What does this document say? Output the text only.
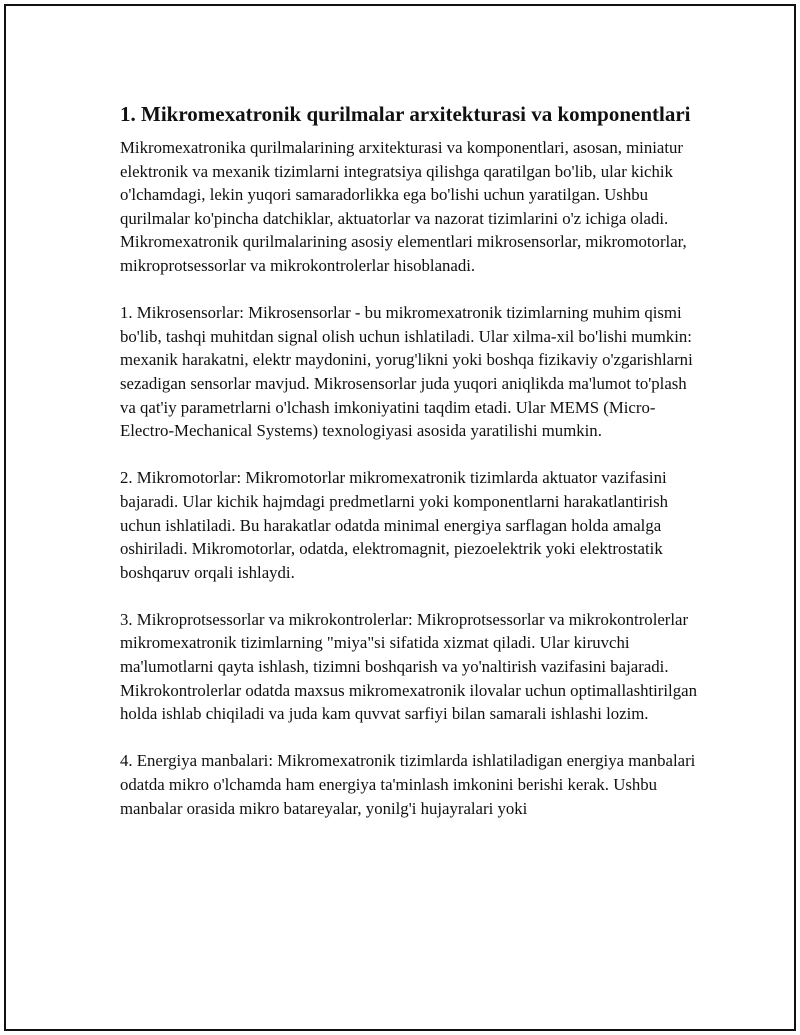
1. Mikromexatronik qurilmalar arxitekturasi va komponentlari

Mikromexatronika qurilmalarining arxitekturasi va komponentlari, asosan, miniatur elektronik va mexanik tizimlarni integratsiya qilishga qaratilgan bo'lib, ular kichik o'lchamdagi, lekin yuqori samaradorlikka ega bo'lishi uchun yaratilgan. Ushbu qurilmalar ko'pincha datchiklar, aktuatorlar va nazorat tizimlarini o'z ichiga oladi. Mikromexatronik qurilmalarining asosiy elementlari mikrosensorlar, mikromotorlar, mikroprotsessorlar va mikrokontrolerlar hisoblanadi.

1. Mikrosensorlar: Mikrosensorlar - bu mikromexatronik tizimlarning muhim qismi bo'lib, tashqi muhitdan signal olish uchun ishlatiladi. Ular xilma-xil bo'lishi mumkin: mexanik harakatni, elektr maydonini, yorug'likni yoki boshqa fizikaviy o'zgarishlarni sezadigan sensorlar mavjud. Mikrosensorlar juda yuqori aniqlikda ma'lumot to'plash va qat'iy parametrlarni o'lchash imkoniyatini taqdim etadi. Ular MEMS (Micro-Electro-Mechanical Systems) texnologiyasi asosida yaratilishi mumkin.

2. Mikromotorlar: Mikromotorlar mikromexatronik tizimlarda aktuator vazifasini bajaradi. Ular kichik hajmdagi predmetlarni yoki komponentlarni harakatlantirish uchun ishlatiladi. Bu harakatlar odatda minimal energiya sarflagan holda amalga oshiriladi. Mikromotorlar, odatda, elektromagnit, piezoelektrik yoki elektrostatik boshqaruv orqali ishlaydi.

3. Mikroprotsessorlar va mikrokontrolerlar: Mikroprotsessorlar va mikrokontrolerlar mikromexatronik tizimlarning "miya"si sifatida xizmat qiladi. Ular kiruvchi ma'lumotlarni qayta ishlash, tizimni boshqarish va yo'naltirish vazifasini bajaradi. Mikrokontrolerlar odatda maxsus mikromexatronik ilovalar uchun optimallashtirilgan holda ishlab chiqiladi va juda kam quvvat sarfiyi bilan samarali ishlashi lozim.

4. Energiya manbalari: Mikromexatronik tizimlarda ishlatiladigan energiya manbalari odatda mikro o'lchamda ham energiya ta'minlash imkonini berishi kerak. Ushbu manbalar orasida mikro batareyalar, yonilg'i hujayralari yoki
